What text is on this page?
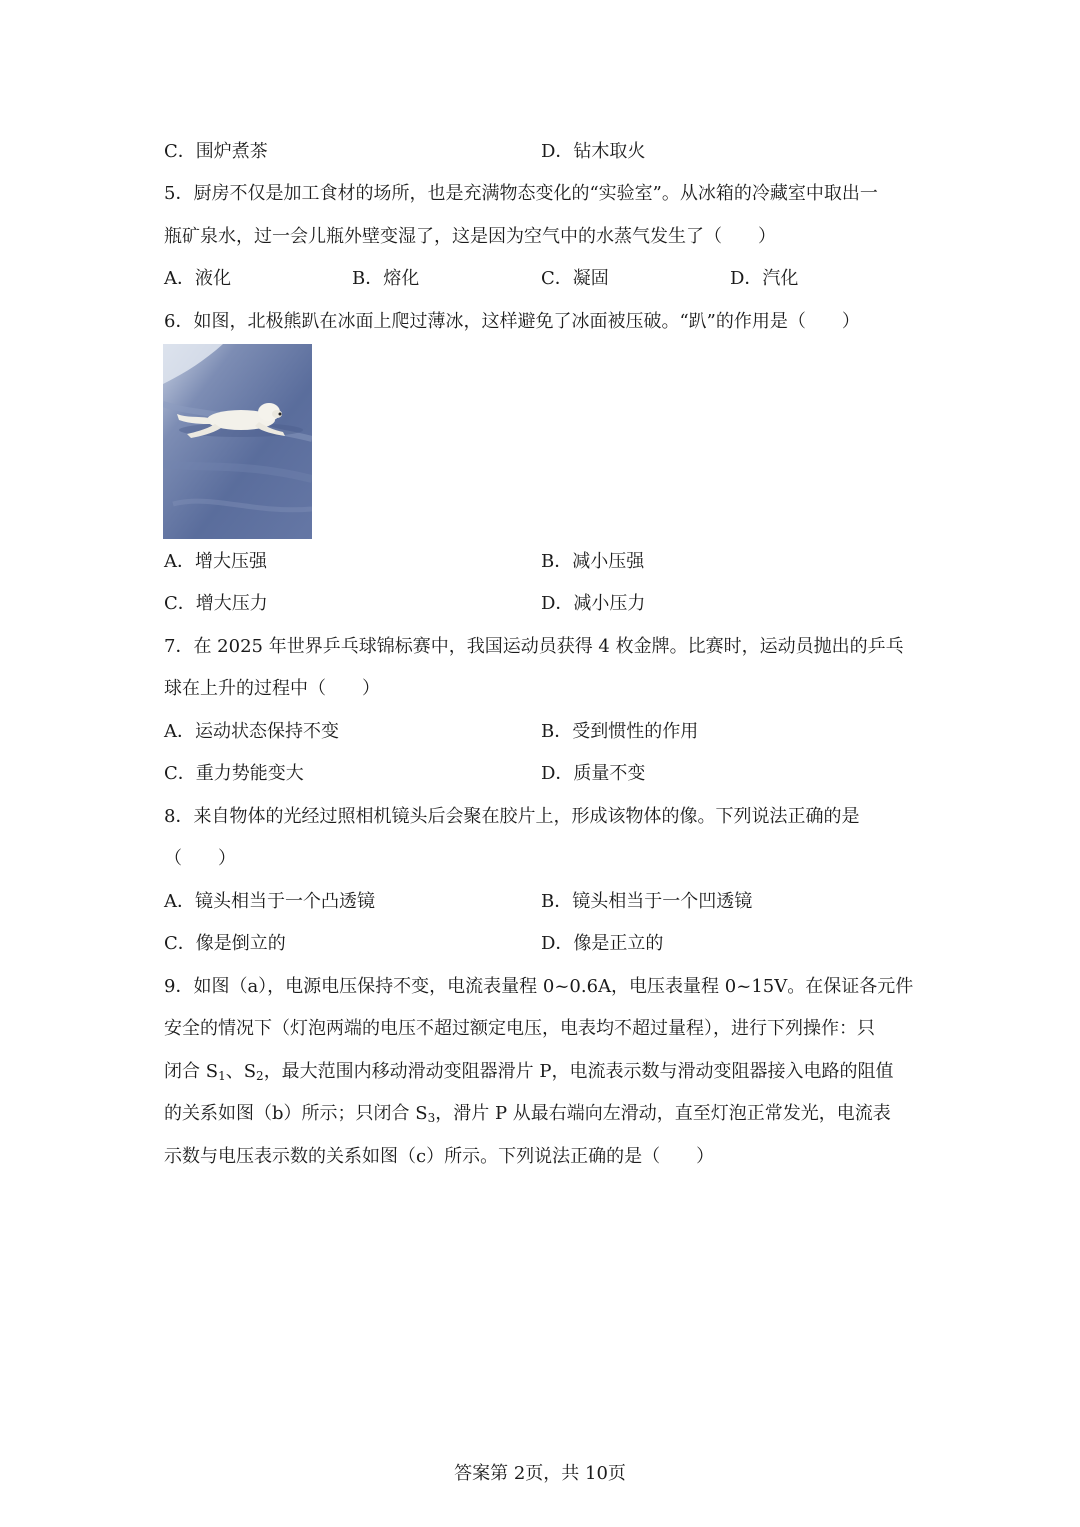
C．围炉煮茶	D．钻木取火
5．厨房不仅是加工食材的场所，也是充满物态变化的“实验室”。从冰箱的冷藏室中取出一
瓶矿泉水，过一会儿瓶外壁变湿了，这是因为空气中的水蒸气发生了（　　）
A．液化	B．熔化	C．凝固	D．汽化
6．如图，北极熊趴在冰面上爬过薄冰，这样避免了冰面被压破。“趴”的作用是（　　）
A．增大压强	B．减小压强
C．增大压力	D．减小压力
7．在 2025 年世界乒乓球锦标赛中，我国运动员获得 4 枚金牌。比赛时，运动员抛出的乒乓
球在上升的过程中（　　）
A．运动状态保持不变	B．受到惯性的作用
C．重力势能变大	D．质量不变
8．来自物体的光经过照相机镜头后会聚在胶片上，形成该物体的像。下列说法正确的是
（　　）
A．镜头相当于一个凸透镜	B．镜头相当于一个凹透镜
C．像是倒立的	D．像是正立的
9．如图（a），电源电压保持不变，电流表量程 0~0.6A，电压表量程 0~15V。在保证各元件
安全的情况下（灯泡两端的电压不超过额定电压，电表均不超过量程），进行下列操作：只
闭合 $S_1$、$S_2$，最大范围内移动滑动变阻器滑片 P，电流表示数与滑动变阻器接入电路的阻值
的关系如图（b）所示；只闭合 $S_3$，滑片 P 从最右端向左滑动，直至灯泡正常发光，电流表
示数与电压表示数的关系如图（c）所示。下列说法正确的是（　　）
答案第 2页，共 10页
